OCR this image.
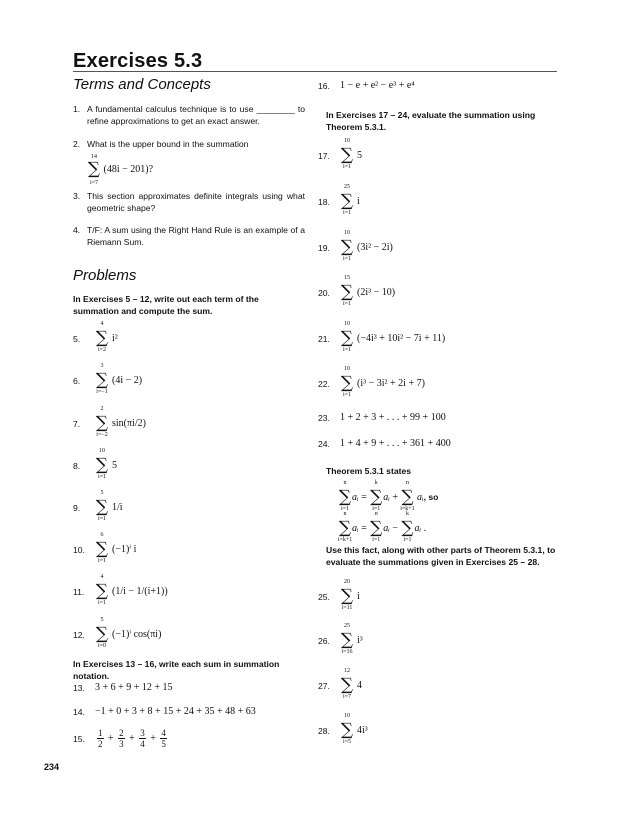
Exercises 5.3
Terms and Concepts
1. A fundamental calculus technique is to use ________ to refine approximations to get an exact answer.
2. What is the upper bound in the summation
14
∑
i=7
(48i − 201)?
3. This section approximates definite integrals using what geometric shape?
4. T/F: A sum using the Right Hand Rule is an example of a Riemann Sum.
Problems
In Exercises 5 – 12, write out each term of the summation and compute the sum.
5.
4
∑
i=2
i²
6.
3
∑
i=−1
(4i − 2)
7.
2
∑
i=−2
sin(πi/2)
8.
10
∑
i=1
5
9.
5
∑
i=1
1/i
10.
6
∑
i=1
(−1)ⁱ i
11.
4
∑
i=1
(1/i − 1/(i+1))
12.
5
∑
i=0
(−1)ⁱ cos(πi)
In Exercises 13 – 16, write each sum in summation notation.
13.	3 + 6 + 9 + 12 + 15
14.	−1 + 0 + 3 + 8 + 15 + 24 + 35 + 48 + 63
15.	$\frac{1}{2} + \frac{2}{3} + \frac{3}{4} + \frac{4}{5}$
16.	1 − e + e² − e³ + e⁴
In Exercises 17 – 24, evaluate the summation using Theorem 5.3.1.
17.
10
∑
i=1
5
18.
25
∑
i=1
i
19.
10
∑
i=1
(3i² − 2i)
20.
15
∑
i=1
(2i³ − 10)
21.
10
∑
i=1
(−4i³ + 10i² − 7i + 11)
22.
10
∑
i=1
(i³ − 3i² + 2i + 7)
23.	1 + 2 + 3 + . . . + 99 + 100
24.	1 + 4 + 9 + . . . + 361 + 400
Theorem 5.3.1 states
n
∑
i=1
aᵢ =
k
∑
i=1
aᵢ +
n
∑
i=k+1
aᵢ, so
n
∑
i=k+1
aᵢ =
n
∑
i=1
aᵢ −
k
∑
i=1
aᵢ .
Use this fact, along with other parts of Theorem 5.3.1, to evaluate the summations given in Exercises 25 – 28.
25.
20
∑
i=11
i
26.
25
∑
i=16
i³
27.
12
∑
i=7
4
28.
10
∑
i=5
4i³
234
